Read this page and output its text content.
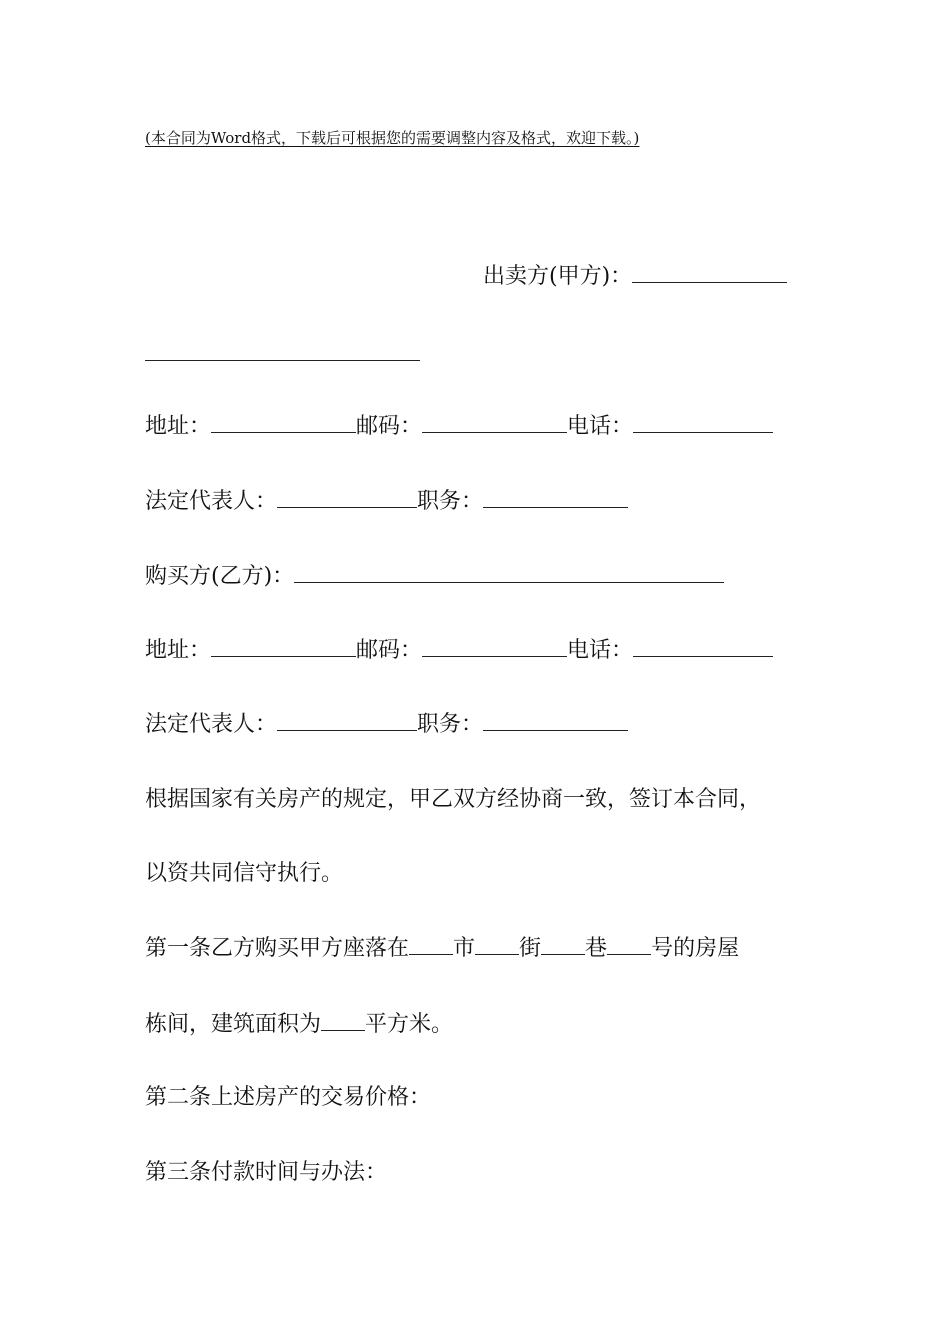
(本合同为Word格式，下载后可根据您的需要调整内容及格式，欢迎下载。)
出卖方(甲方)：
地址：	邮码：	电话：
法定代表人：	职务：
购买方(乙方)：
地址：	邮码：	电话：
法定代表人：	职务：
根据国家有关房产的规定，甲乙双方经协商一致，签订本合同，
以资共同信守执行。
第一条乙方购买甲方座落在 市 街 巷 号的房屋
栋间，建筑面积为 平方米。
第二条上述房产的交易价格：
第三条付款时间与办法：
